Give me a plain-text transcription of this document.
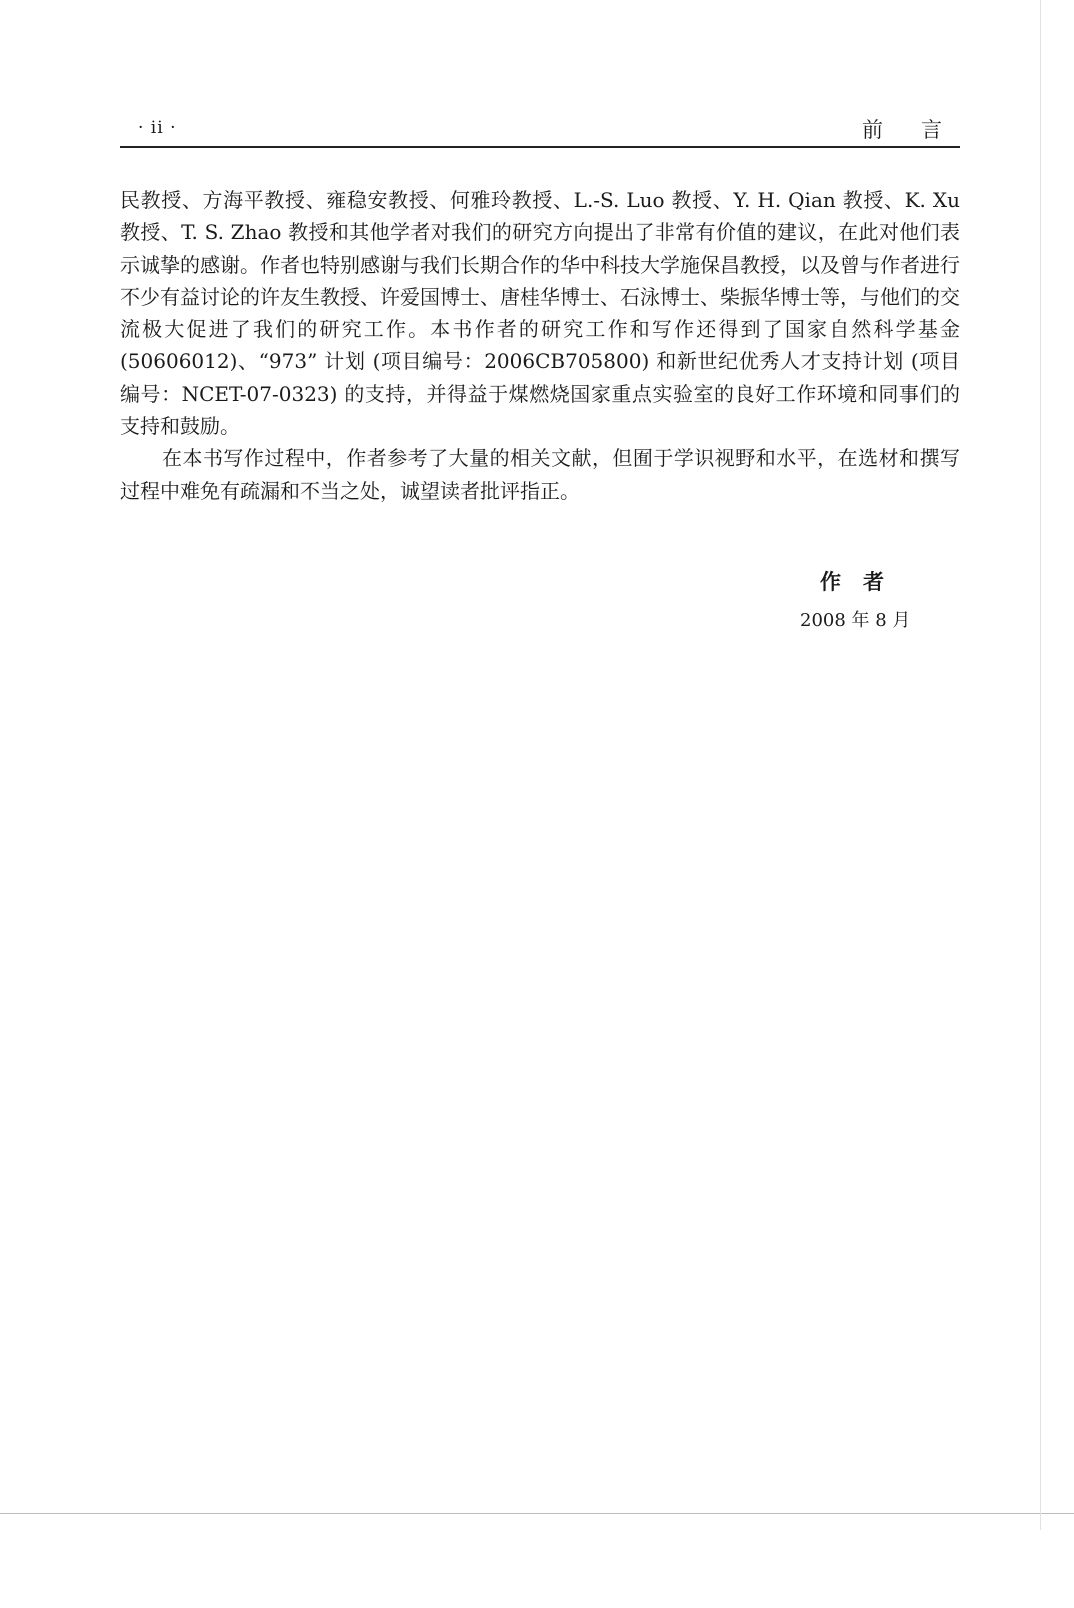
· ii ·	前言

民教授、方海平教授、雍稳安教授、何雅玲教授、L.-S. Luo 教授、Y. H. Qian 教授、K. Xu 教授、T. S. Zhao 教授和其他学者对我们的研究方向提出了非常有价值的建议，在此对他们表示诚挚的感谢。作者也特别感谢与我们长期合作的华中科技大学施保昌教授，以及曾与作者进行不少有益讨论的许友生教授、许爱国博士、唐桂华博士、石泳博士、柴振华博士等，与他们的交流极大促进了我们的研究工作。本书作者的研究工作和写作还得到了国家自然科学基金 (50606012)、“973” 计划 (项目编号：2006CB705800) 和新世纪优秀人才支持计划 (项目编号：NCET-07-0323) 的支持，并得益于煤燃烧国家重点实验室的良好工作环境和同事们的支持和鼓励。

在本书写作过程中，作者参考了大量的相关文献，但囿于学识视野和水平，在选材和撰写过程中难免有疏漏和不当之处，诚望读者批评指正。

作者
2008 年 8 月
